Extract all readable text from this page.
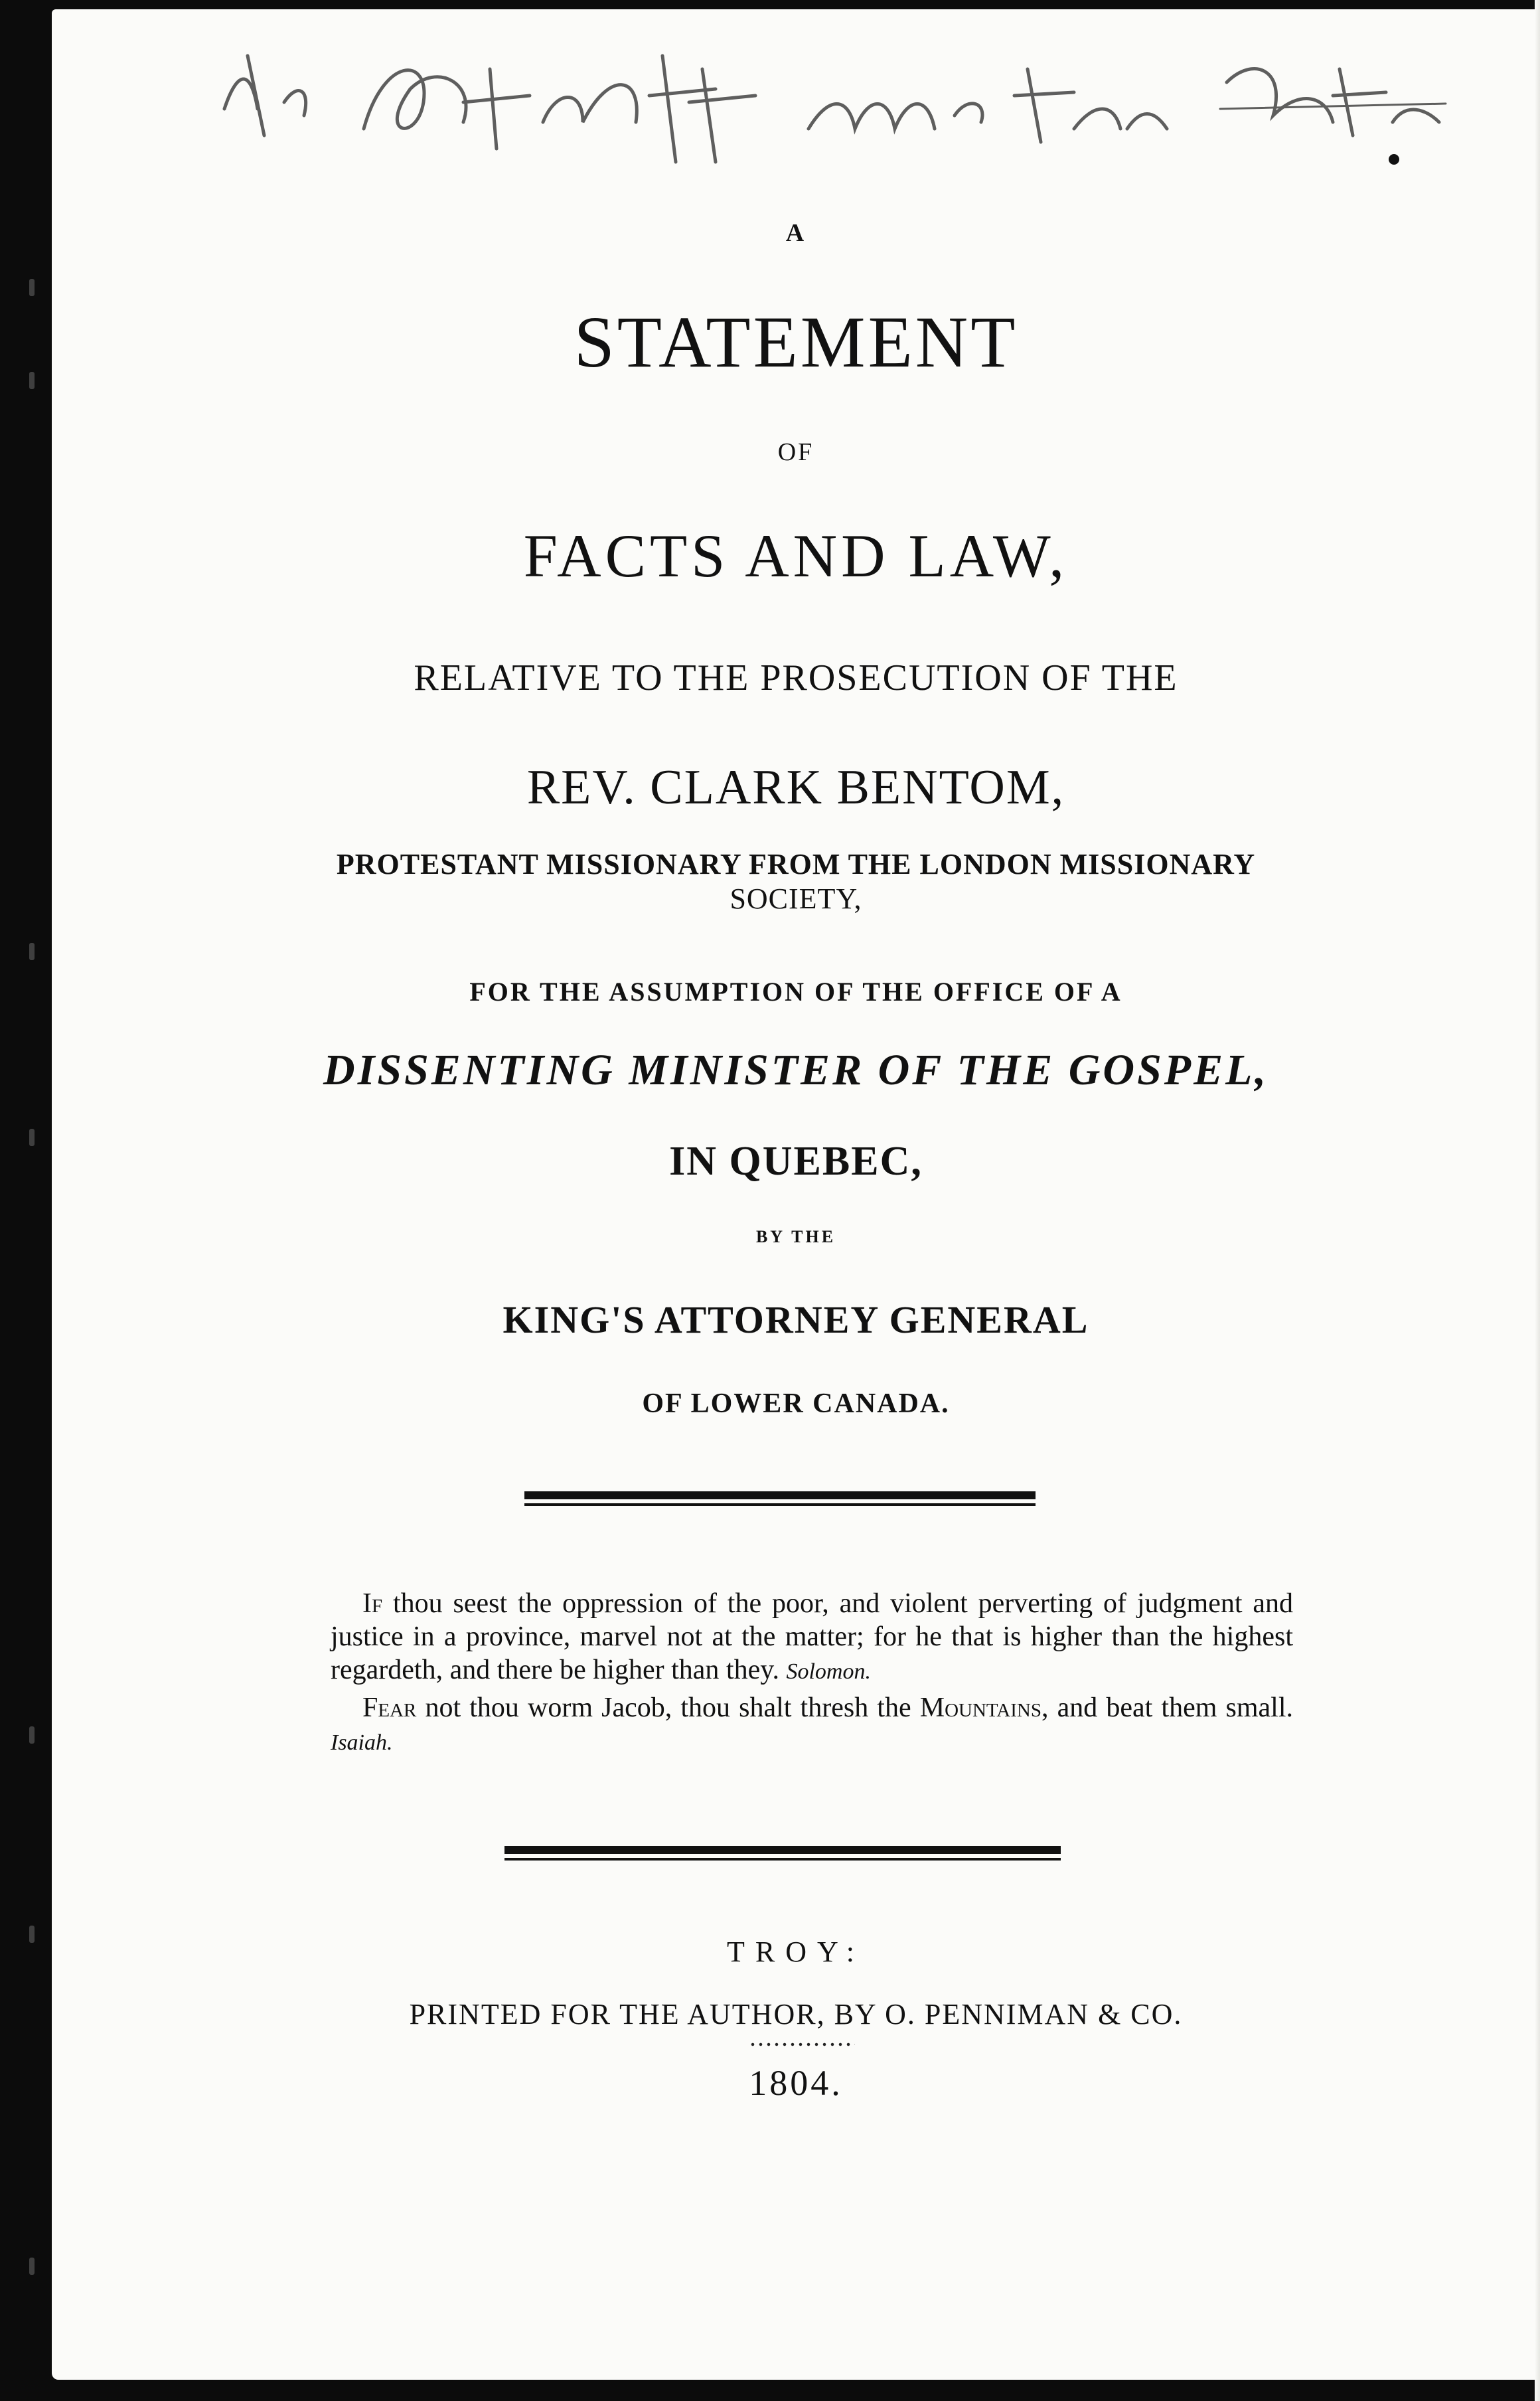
A
STATEMENT
OF
FACTS AND LAW,
RELATIVE TO THE PROSECUTION OF THE
REV. CLARK BENTOM,
PROTESTANT MISSIONARY FROM THE LONDON MISSIONARY
SOCIETY,
FOR THE ASSUMPTION OF THE OFFICE OF A
DISSENTING MINISTER OF THE GOSPEL,
IN QUEBEC,
BY THE
KING'S ATTORNEY GENERAL
OF LOWER CANADA.

If thou seest the oppression of the poor, and violent perverting of judgment and justice in a province, marvel not at the matter; for he that is higher than the highest regardeth, and there be higher than they. Solomon.

Fear not thou worm Jacob, thou shalt thresh the Mountains, and beat them small. Isaiah.

TROY:
PRINTED FOR THE AUTHOR, BY O. PENNIMAN & CO.
1804.
